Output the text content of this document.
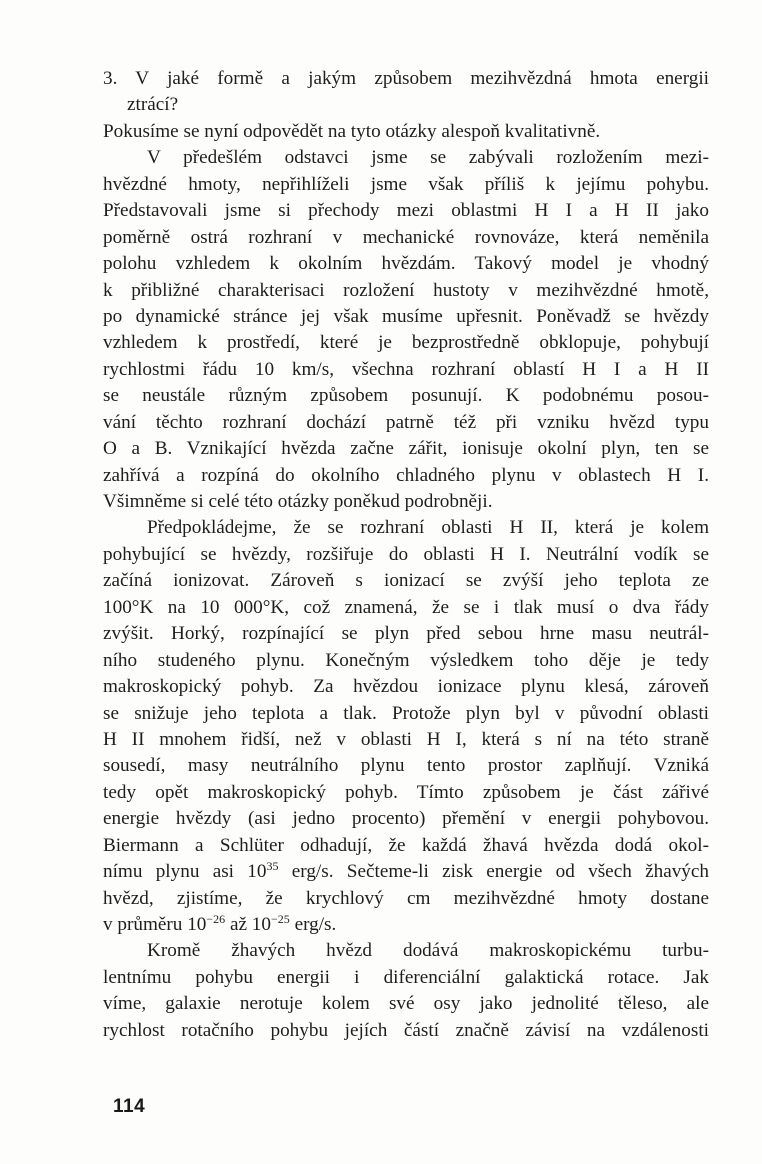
3. V jaké formě a jakým způsobem mezihvězdná hmota energii
ztrácí?
Pokusíme se nyní odpovědět na tyto otázky alespoň kvalitativně.
V předešlém odstavci jsme se zabývali rozložením mezi-
hvězdné hmoty, nepřihlíželi jsme však příliš k jejímu pohybu.
Představovali jsme si přechody mezi oblastmi H I a H II jako
poměrně ostrá rozhraní v mechanické rovnováze, která neměnila
polohu vzhledem k okolním hvězdám. Takový model je vhodný
k přibližné charakterisaci rozložení hustoty v mezihvězdné hmotě,
po dynamické stránce jej však musíme upřesnit. Poněvadž se hvězdy
vzhledem k prostředí, které je bezprostředně obklopuje, pohybují
rychlostmi řádu 10 km/s, všechna rozhraní oblastí H I a H II
se neustále různým způsobem posunují. K podobnému posou-
vání těchto rozhraní dochází patrně též při vzniku hvězd typu
O a B. Vznikající hvězda začne zářit, ionisuje okolní plyn, ten se
zahřívá a rozpíná do okolního chladného plynu v oblastech H I.
Všimněme si celé této otázky poněkud podrobněji.
Předpokládejme, že se rozhraní oblasti H II, která je kolem
pohybující se hvězdy, rozšiřuje do oblasti H I. Neutrální vodík se
začíná ionizovat. Zároveň s ionizací se zvýší jeho teplota ze
100°K na 10 000°K, což znamená, že se i tlak musí o dva řády
zvýšit. Horký, rozpínající se plyn před sebou hrne masu neutrál-
ního studeného plynu. Konečným výsledkem toho děje je tedy
makroskopický pohyb. Za hvězdou ionizace plynu klesá, zároveň
se snižuje jeho teplota a tlak. Protože plyn byl v původní oblasti
H II mnohem řidší, než v oblasti H I, která s ní na této straně
sousedí, masy neutrálního plynu tento prostor zaplňují. Vzniká
tedy opět makroskopický pohyb. Tímto způsobem je část zářivé
energie hvězdy (asi jedno procento) přemění v energii pohybovou.
Biermann a Schlüter odhadují, že každá žhavá hvězda dodá okol-
nímu plynu asi $10^{35}$ erg/s. Sečteme-li zisk energie od všech žhavých
hvězd, zjistíme, že krychlový cm mezihvězdné hmoty dostane
v průměru $10^{-26}$ až $10^{-25}$ erg/s.
Kromě žhavých hvězd dodává makroskopickému turbu-
lentnímu pohybu energii i diferenciální galaktická rotace. Jak
víme, galaxie nerotuje kolem své osy jako jednolité těleso, ale
rychlost rotačního pohybu jejích částí značně závisí na vzdálenosti
114
